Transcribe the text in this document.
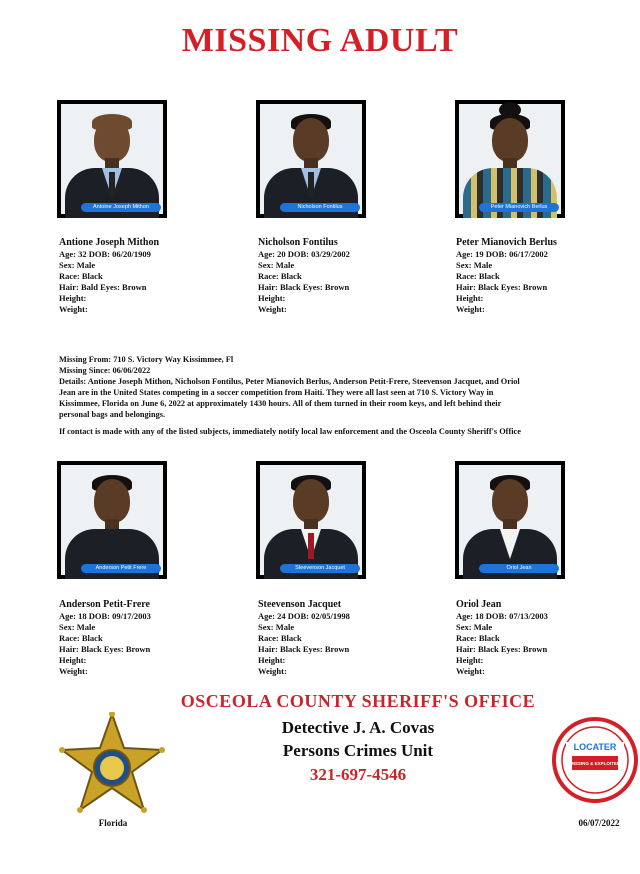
MISSING ADULT
Antoine Joseph Mithon	Nicholson Fontilus	Peter Mianovich Berlus
Antione Joseph Mithon
Age: 32 DOB: 06/20/1909
Sex: Male
Race: Black
Hair: Bald Eyes: Brown
Height:
Weight:
Nicholson Fontilus
Age: 20 DOB: 03/29/2002
Sex: Male
Race: Black
Hair: Black Eyes: Brown
Height:
Weight:
Peter Mianovich Berlus
Age: 19 DOB: 06/17/2002
Sex: Male
Race: Black
Hair: Black Eyes: Brown
Height:
Weight:
Missing From: 710 S. Victory Way Kissimmee, Fl
Missing Since: 06/06/2022
Details: Antione Joseph Mithon, Nicholson Fontilus, Peter Mianovich Berlus, Anderson Petit-Frere, Steevenson Jacquet, and Oriol
Jean are in the United States competing in a soccer competition from Haiti. They were all last seen at 710 S. Victory Way in
Kissimmee, Florida on June 6, 2022 at approximately 1430 hours. All of them turned in their room keys, and left behind their
personal bags and belongings.
If contact is made with any of the listed subjects, immediately notify local law enforcement and the Osceola County Sheriff's Office
Anderson Petit Frere	Steevenson Jacquet	Oriol Jean
Anderson Petit-Frere
Age: 18 DOB: 09/17/2003
Sex: Male
Race: Black
Hair: Black Eyes: Brown
Height:
Weight:
Steevenson Jacquet
Age: 24 DOB: 02/05/1998
Sex: Male
Race: Black
Hair: Black Eyes: Brown
Height:
Weight:
Oriol Jean
Age: 18 DOB: 07/13/2003
Sex: Male
Race: Black
Hair: Black Eyes: Brown
Height:
Weight:
OSCEOLA COUNTY SHERIFF'S OFFICE
Detective J. A. Covas
Persons Crimes Unit
321-697-4546
Florida
LOCATER
MISSING & EXPLOITED
06/07/2022
